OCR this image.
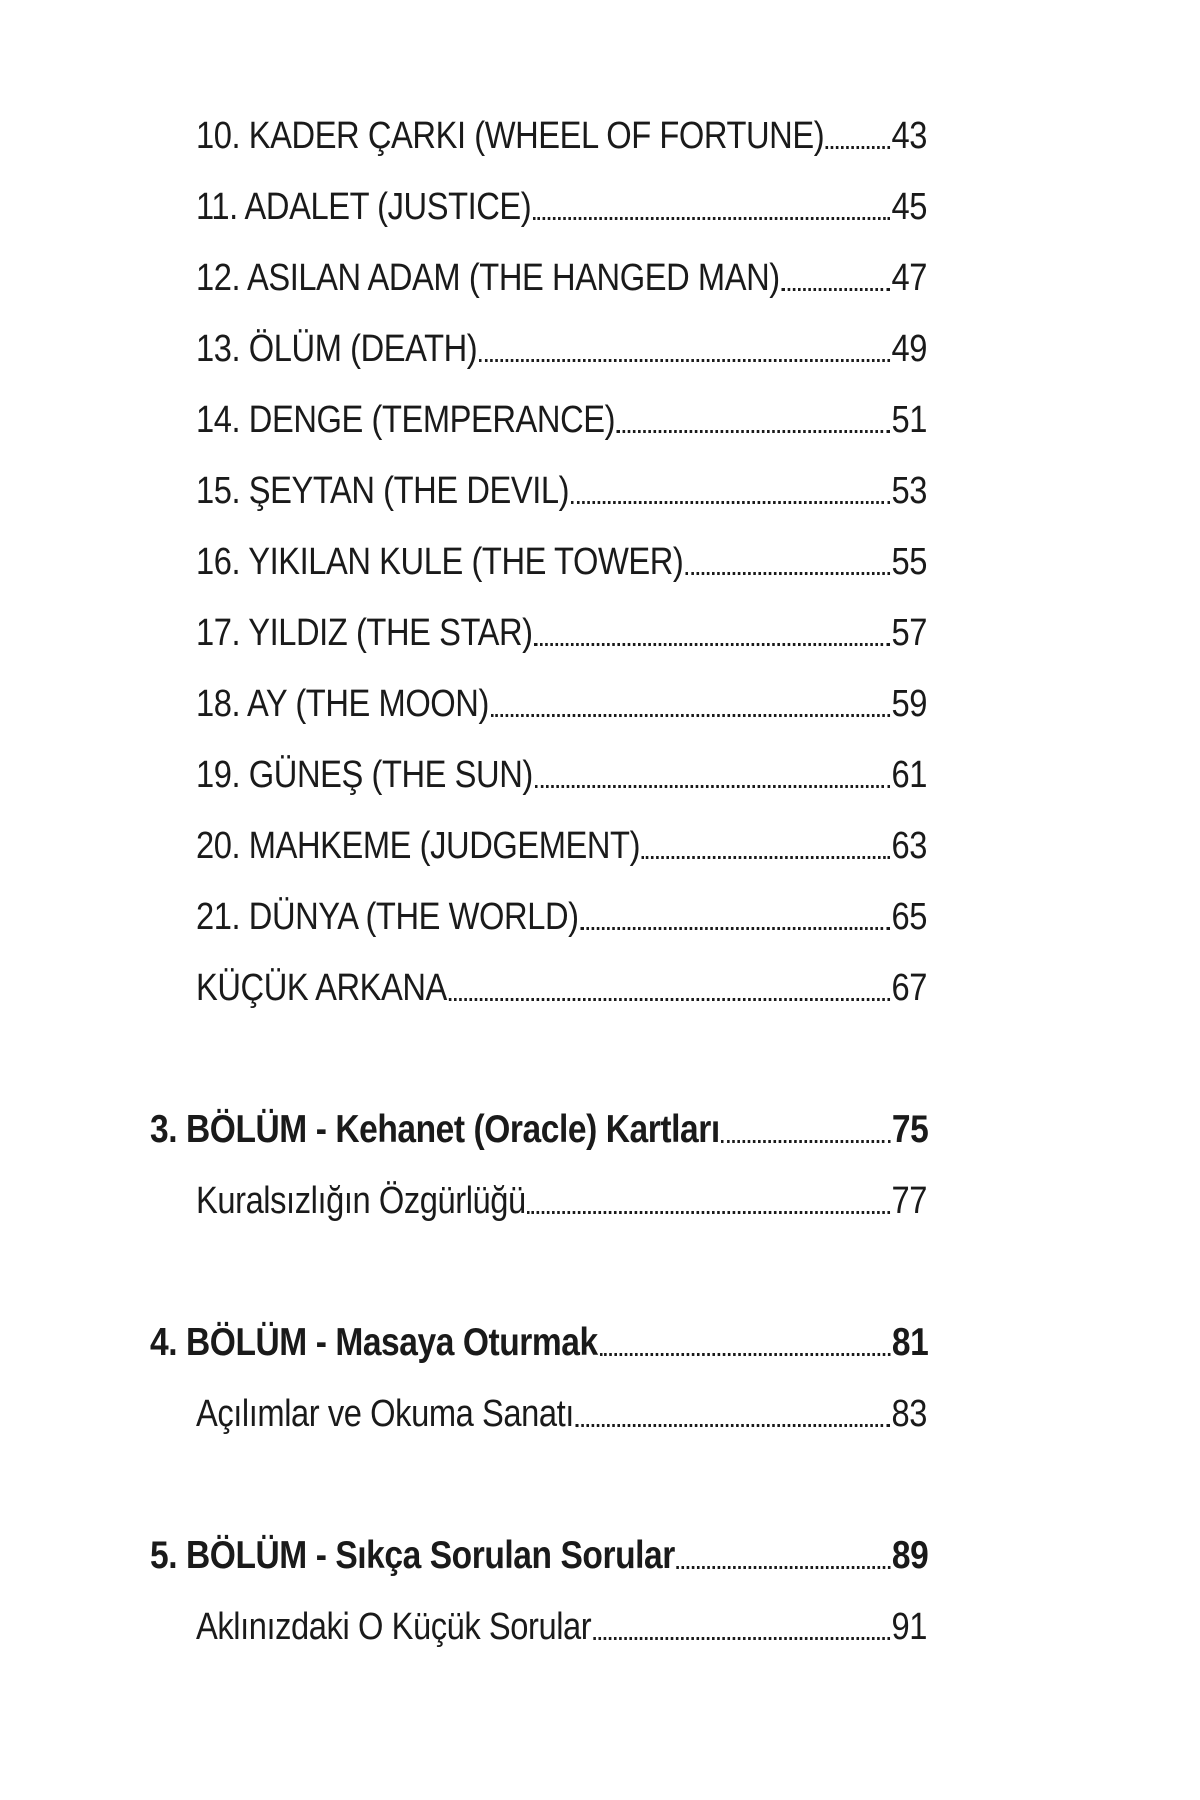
10. KADER ÇARKI (WHEEL OF FORTUNE) 43
11. ADALET (JUSTICE)	45
12. ASILAN ADAM (THE HANGED MAN)	47
13. ÖLÜM (DEATH)	49
14. DENGE (TEMPERANCE)	51
15. ŞEYTAN (THE DEVIL)	53
16. YIKILAN KULE (THE TOWER)	55
17. YILDIZ (THE STAR)	57
18. AY (THE MOON)	59
19. GÜNEŞ (THE SUN)	61
20. MAHKEME (JUDGEMENT)	63
21. DÜNYA (THE WORLD)	65
KÜÇÜK ARKANA	67
3. BÖLÜM - Kehanet (Oracle) Kartları	75
Kuralsızlığın Özgürlüğü	77
4. BÖLÜM - Masaya Oturmak	81
Açılımlar ve Okuma Sanatı	83
5. BÖLÜM - Sıkça Sorulan Sorular	89
Aklınızdaki O Küçük Sorular	91
